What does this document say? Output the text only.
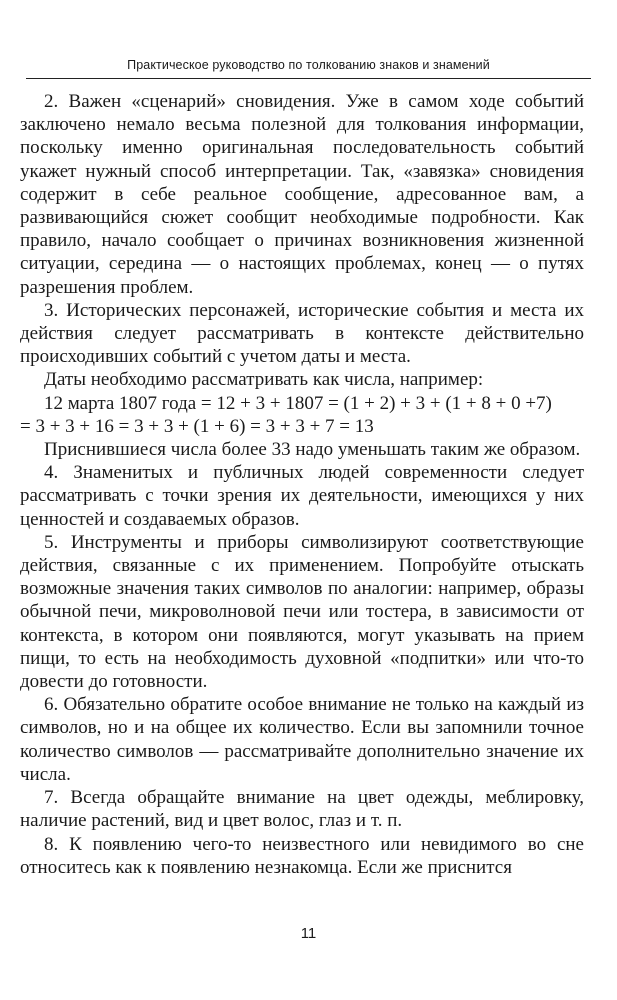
Практическое руководство по толкованию знаков и знамений

2. Важен «сценарий» сновидения. Уже в самом ходе событий заключено немало весьма полезной для толкования информации, поскольку именно оригинальная последовательность событий укажет нужный способ интерпретации. Так, «завязка» сновидения содержит в себе реальное сообщение, адресованное вам, а развивающийся сюжет сообщит необходимые подробности. Как правило, начало сообщает о причинах возникновения жизненной ситуации, середина — о настоящих проблемах, конец — о путях разрешения проблем.

3. Исторических персонажей, исторические события и места их действия следует рассматривать в контексте действительно происходивших событий с учетом даты и места.

Даты необходимо рассматривать как числа, например:

12 марта 1807 года = 12 + 3 + 1807 = (1 + 2) + 3 + (1 + 8 + 0 +7)

= 3 + 3 + 16 = 3 + 3 + (1 + 6) = 3 + 3 + 7 = 13

Приснившиеся числа более 33 надо уменьшать таким же образом.

4. Знаменитых и публичных людей современности следует рассматривать с точки зрения их деятельности, имеющихся у них ценностей и создаваемых образов.

5. Инструменты и приборы символизируют соответствующие действия, связанные с их применением. Попробуйте отыскать возможные значения таких символов по аналогии: например, образы обычной печи, микроволновой печи или тостера, в зависимости от контекста, в котором они появляются, могут указывать на прием пищи, то есть на необходимость духовной «подпитки» или что-то довести до готовности.

6. Обязательно обратите особое внимание не только на каждый из символов, но и на общее их количество. Если вы запомнили точное количество символов — рассматривайте дополнительно значение их числа.

7. Всегда обращайте внимание на цвет одежды, меблировку, наличие растений, вид и цвет волос, глаз и т. п.

8. К появлению чего-то неизвестного или невидимого во сне относитесь как к появлению незнакомца. Если же приснится

11
